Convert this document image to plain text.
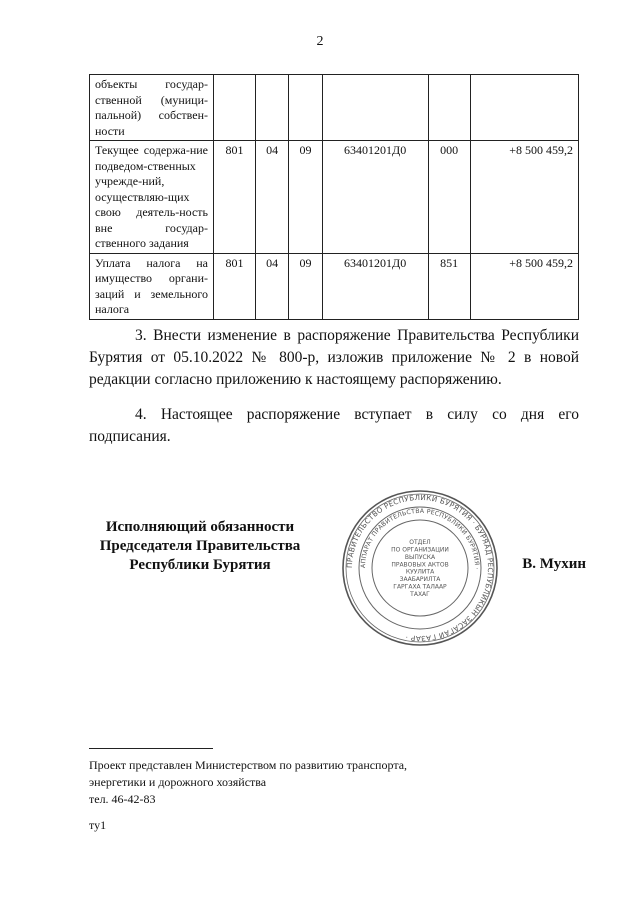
2
объекты государ-ственной (муници-пальной) собствен-ности						
Текущее содержа-ние подведом-ственных учрежде-ний, осуществляю-щих свою деятель-ность вне государ-ственного задания	801	04	09	63401201Д0	000	+8 500 459,2
Уплата налога на имущество органи-заций и земельного налога	801	04	09	63401201Д0	851	+8 500 459,2
3. Внести изменение в распоряжение Правительства Республики Бурятия от 05.10.2022 № 800-р, изложив приложение № 2 в новой редакции согласно приложению к настоящему распоряжению.
4. Настоящее распоряжение вступает в силу со дня его подписания.
Исполняющий обязанности
Председателя Правительства
Республики Бурятия	ПРАВИТЕЛЬСТВО РЕСПУБЛИКИ БУРЯТИЯ · БУРЯАД РЕСПУБЛИКЫН ЗАСАГАЙ ГАЗАР ·
АППАРАТ ПРАВИТЕЛЬСТВА РЕСПУБЛИКИ БУРЯТИЯ ·
ОТДЕЛ
ПО ОРГАНИЗАЦИИ
ВЫПУСКА
ПРАВОВЫХ АКТОВ
КУУЛИТА
ЗААБАРИЛТА
ГАРГАХА ТАЛААР
ТАХАГ
В. Мухин
Проект представлен Министерством по развитию транспорта,
энергетики и дорожного хозяйства
тел. 46-42-83
ту1
